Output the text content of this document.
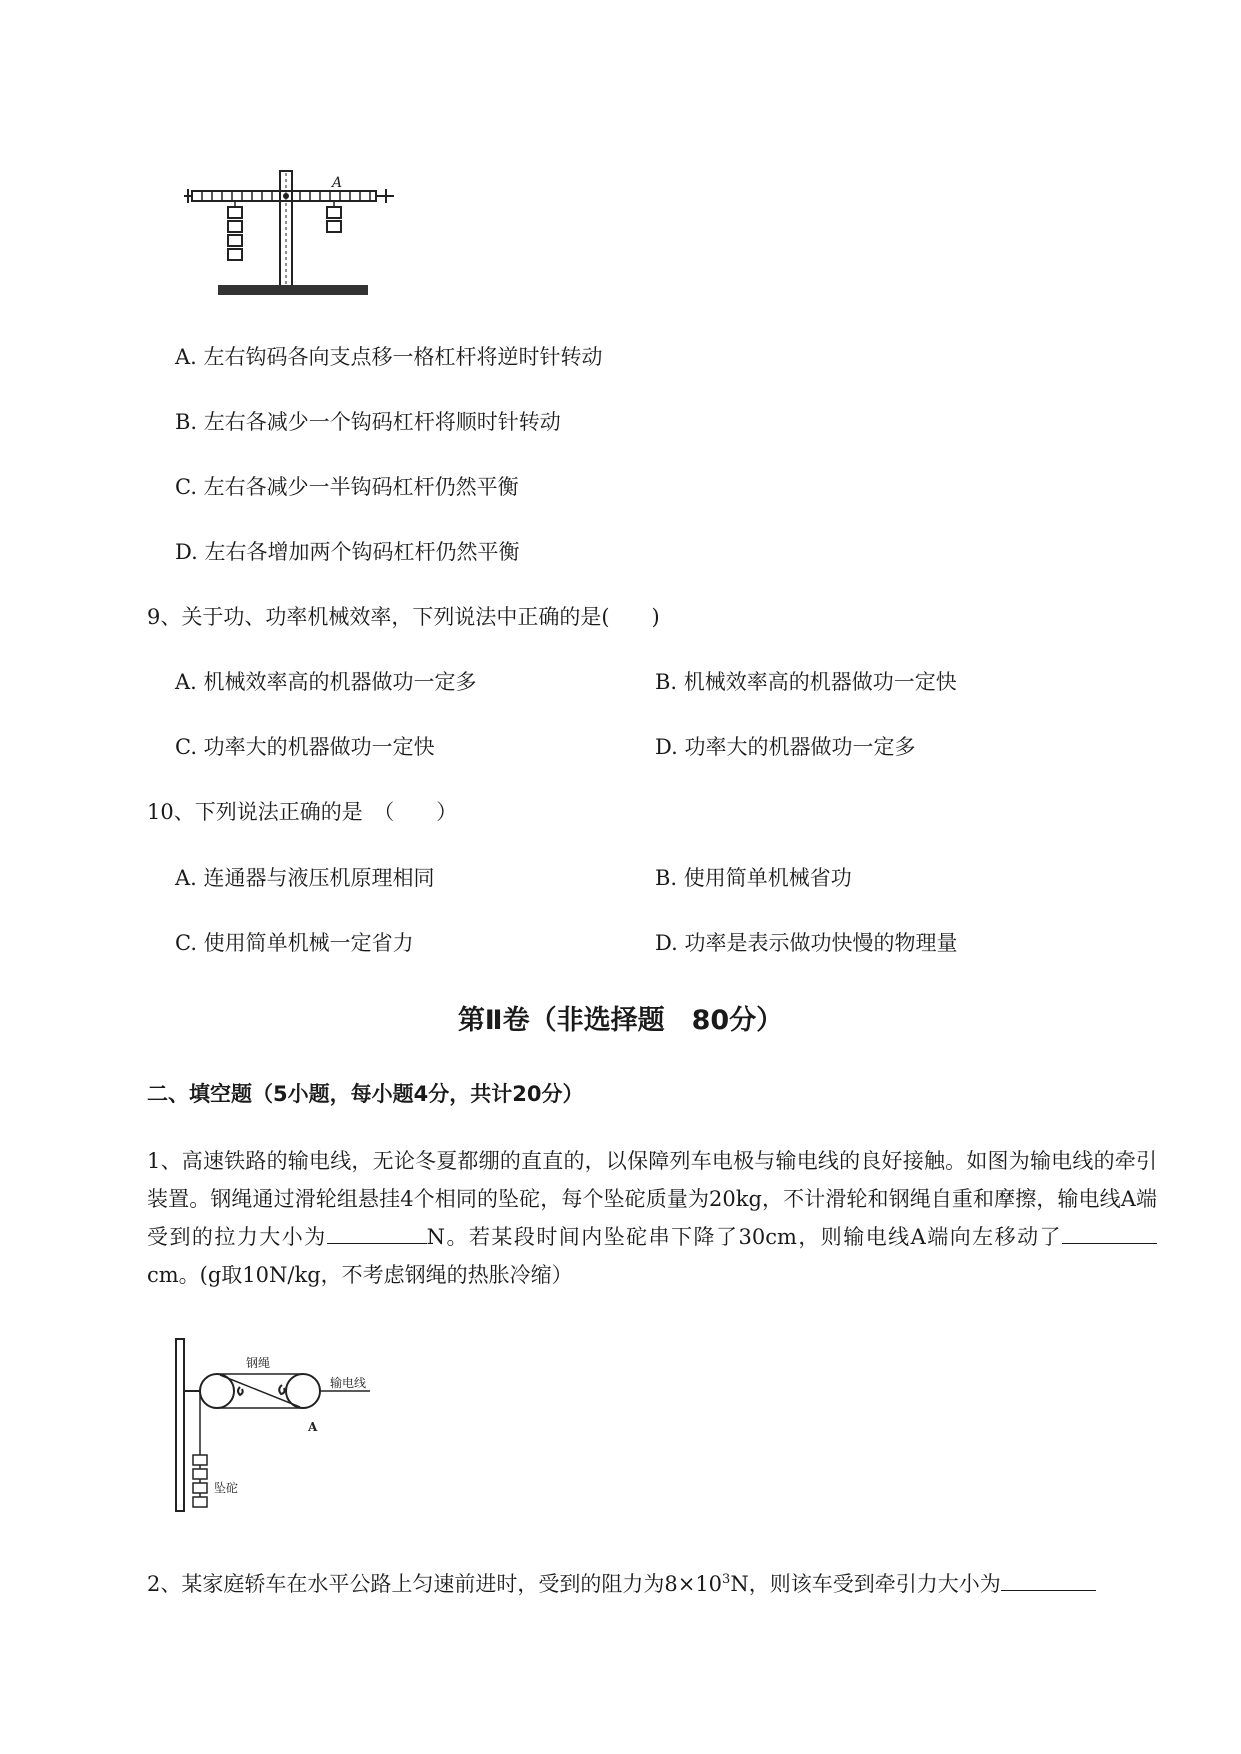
A
A. 左右钩码各向支点移一格杠杆将逆时针转动
B. 左右各减少一个钩码杠杆将顺时针转动
C. 左右各减少一半钩码杠杆仍然平衡
D. 左右各增加两个钩码杠杆仍然平衡
9、关于功、功率机械效率，下列说法中正确的是(　　)
A. 机械效率高的机器做功一定多	B. 机械效率高的机器做功一定快
C. 功率大的机器做功一定快	D. 功率大的机器做功一定多
10、下列说法正确的是　（　　）
A. 连通器与液压机原理相同	B. 使用简单机械省功
C. 使用简单机械一定省力	D. 功率是表示做功快慢的物理量
第Ⅱ卷（非选择题　80分）
二、填空题（5小题，每小题4分，共计20分）
1、高速铁路的输电线，无论冬夏都绷的直直的，以保障列车电极与输电线的良好接触。如图为输电线的牵引装置。钢绳通过滑轮组悬挂4个相同的坠砣，每个坠砣质量为20kg，不计滑轮和钢绳自重和摩擦，输电线A端受到的拉力大小为	N。若某段时间内坠砣串下降了30cm，则输电线A端向左移动了cm。(g取10N/kg，不考虑钢绳的热胀冷缩）
钢绳
输电线
A
坠砣
2、某家庭轿车在水平公路上匀速前进时，受到的阻力为$8\times 10^3N$，则该车受到牵引力大小为
